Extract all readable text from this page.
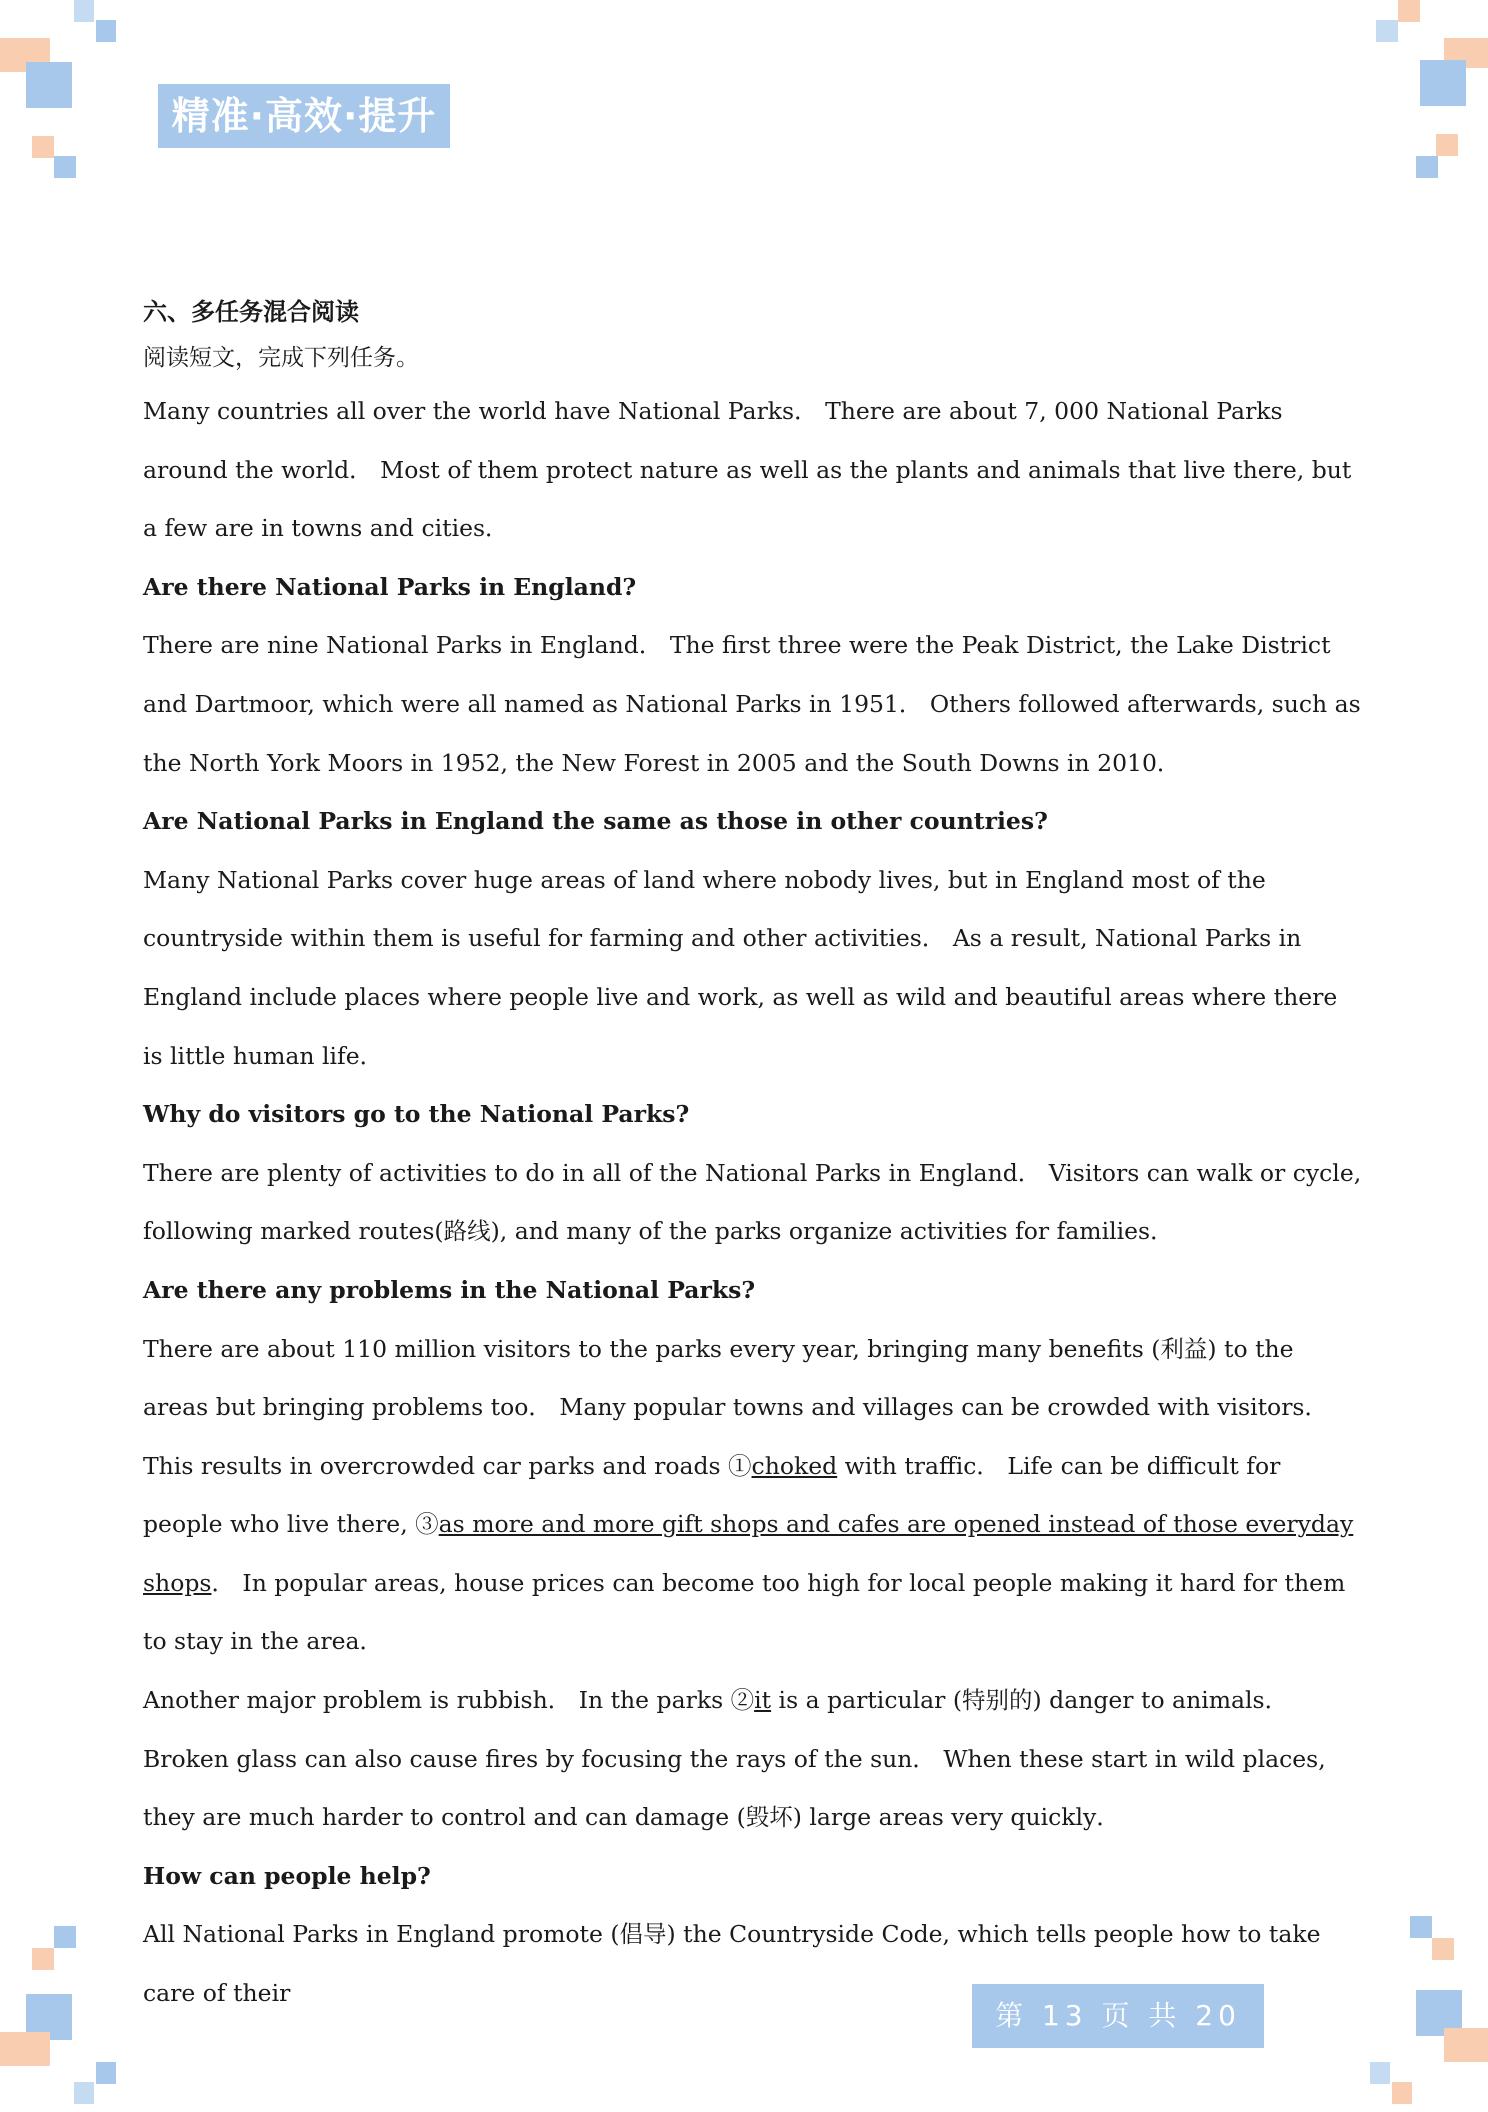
精准·高效·提升
六、多任务混合阅读
阅读短文，完成下列任务。

Many countries all over the world have National Parks． There are about 7, 000 National Parks around the world． Most of them protect nature as well as the plants and animals that live there, but a few are in towns and cities．

Are there National Parks in England?

There are nine National Parks in England． The first three were the Peak District, the Lake District and Dartmoor, which were all named as National Parks in 1951． Others followed afterwards, such as the North York Moors in 1952, the New Forest in 2005 and the South Downs in 2010．

Are National Parks in England the same as those in other countries?

Many National Parks cover huge areas of land where nobody lives, but in England most of the countryside within them is useful for farming and other activities． As a result, National Parks in England include places where people live and work, as well as wild and beautiful areas where there is little human life．

Why do visitors go to the National Parks?

There are plenty of activities to do in all of the National Parks in England． Visitors can walk or cycle, following marked routes(路线), and many of the parks organize activities for families．

Are there any problems in the National Parks?

There are about 110 million visitors to the parks every year, bringing many benefits (利益) to the areas but bringing problems too． Many popular towns and villages can be crowded with visitors． This results in overcrowded car parks and roads ①choked with traffic． Life can be difficult for people who live there, ③as more and more gift shops and cafes are opened instead of those everyday shops． In popular areas, house prices can become too high for local people making it hard for them to stay in the area．

Another major problem is rubbish． In the parks ②it is a particular (特别的) danger to animals． Broken glass can also cause fires by focusing the rays of the sun． When these start in wild places, they are much harder to control and can damage (毁坏) large areas very quickly．

How can people help?

All National Parks in England promote (倡导) the Countryside Code, which tells people how to take care of their

第 13 页 共 20 页
